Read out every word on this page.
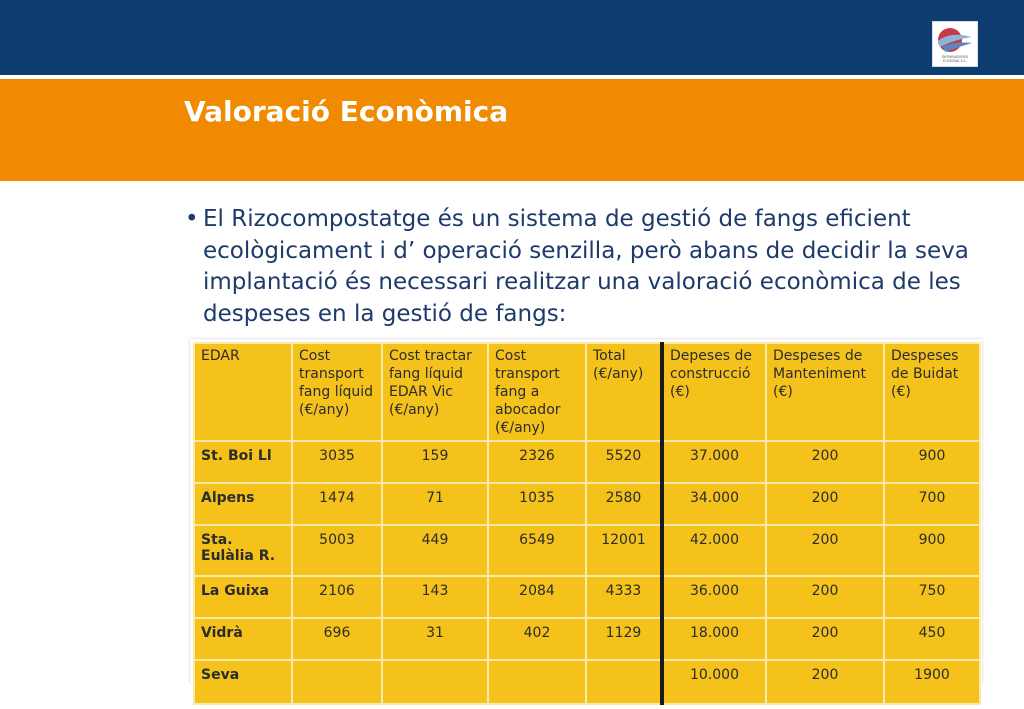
DEPURADORES D'OSONA S.L.
Valoració Econòmica
El Rizocompostatge és un sistema de gestió de fangs eficient ecològicament i d’ operació senzilla, però abans de decidir la seva implantació és necessari realitzar una valoració econòmica de les despeses en la gestió de fangs:
•
EDAR	Cost transport fang líquid (€/any)	Cost tractar fang líquid EDAR Vic (€/any)	Cost transport fang a abocador (€/any)	Total (€/any)	Depeses de construcció (€)	Despeses de Manteniment (€)	Despeses de Buidat (€)
St. Boi Ll	3035	159	2326	5520	37.000	200	900
Alpens	1474	71	1035	2580	34.000	200	700
Sta. Eulàlia R.	5003	449	6549	12001	42.000	200	900
La Guixa	2106	143	2084	4333	36.000	200	750
Vidrà	696	31	402	1129	18.000	200	450
Seva					10.000	200	1900
